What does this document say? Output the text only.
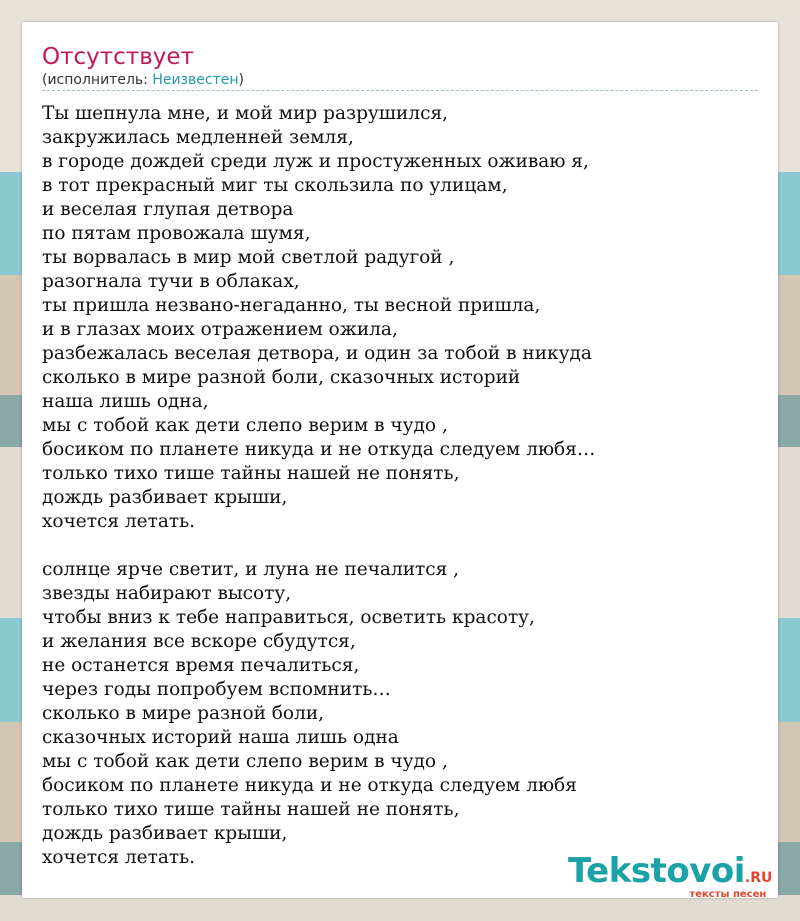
Отсутствует
(исполнитель: Неизвестен)
Ты шепнула мне, и мой мир разрушился,
закружилась медленней земля,
в городе дождей среди луж и простуженных оживаю я,
в тот прекрасный миг ты скользила по улицам,
и веселая глупая детвора
по пятам провожала шумя,
ты ворвалась в мир мой светлой радугой ,
разогнала тучи в облаках,
ты пришла незвано-негаданно, ты весной пришла,
и в глазах моих отражением ожила,
разбежалась веселая детвора, и один за тобой в никуда
сколько в мире разной боли, сказочных историй
наша лишь одна,
мы с тобой как дети слепо верим в чудо ,
босиком по планете никуда и не откуда следуем любя…
только тихо тише тайны нашей не понять,
дождь разбивает крыши,
хочется летать.
солнце ярче светит, и луна не печалится ,
звезды набирают высоту,
чтобы вниз к тебе направиться, осветить красоту,
и желания все вскоре сбудутся,
не останется время печалиться,
через годы попробуем вспомнить…
сколько в мире разной боли,
сказочных историй наша лишь одна
мы с тобой как дети слепо верим в чудо ,
босиком по планете никуда и не откуда следуем любя
только тихо тише тайны нашей не понять,
дождь разбивает крыши,
хочется летать.	Tekstovoi.RU
тексты песен
